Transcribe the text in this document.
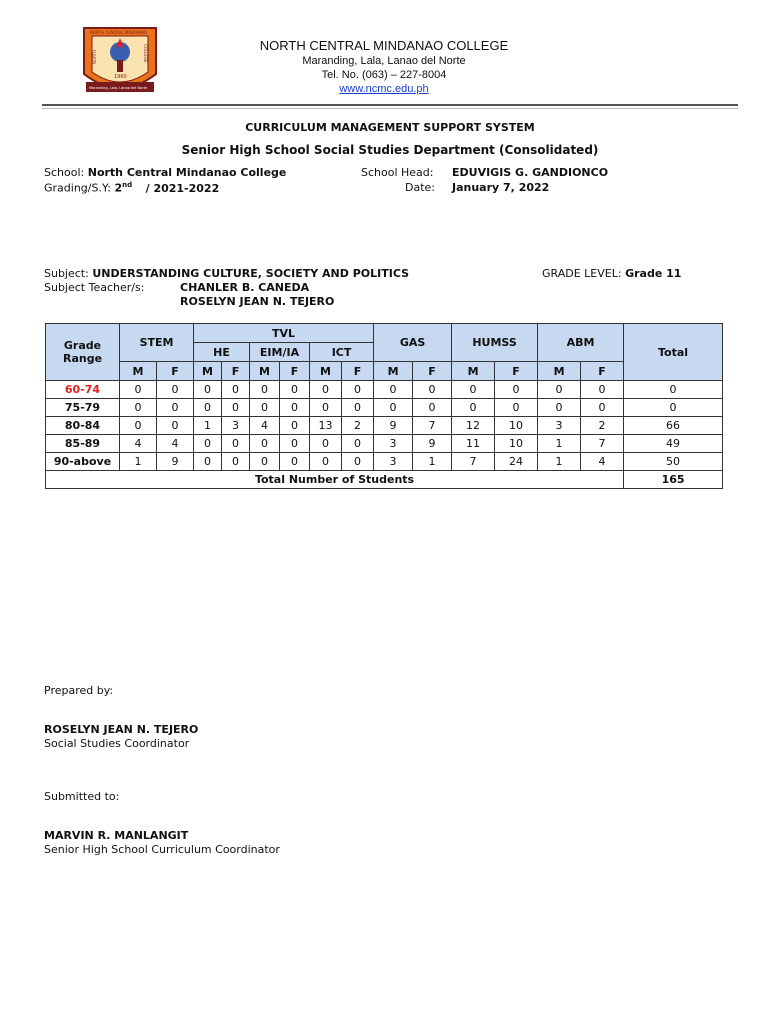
NORTH CENTRAL MINDANAO
NORTH	COLLEGE
1960
Maranding, Lala, Lanao del Norte
NORTH CENTRAL MINDANAO COLLEGE
Maranding, Lala, Lanao del Norte
Tel. No. (063) – 227-8004
www.ncmc.edu.ph
CURRICULUM MANAGEMENT SUPPORT SYSTEM
Senior High School Social Studies Department (Consolidated)
School: North Central Mindanao College
Grading/S.Y: 2nd / 2021-2022
School Head: EDUVIGIS G. GANDIONCO
Date: January 7, 2022
Subject: UNDERSTANDING CULTURE, SOCIETY AND POLITICS	GRADE LEVEL: Grade 11
Subject Teacher/s:	CHANLER B. CANEDA
ROSELYN JEAN N. TEJERO
Grade Range	STEM		TVL						GAS		HUMSS		ABM		Total
			HE		EIM/IA		ICT								
	M	F	M	F	M	F	M	F	M	F	M	F	M	F	
60-74	0	0	0	0	0	0	0	0	0	0	0	0	0	0	0
75-79	0	0	0	0	0	0	0	0	0	0	0	0	0	0	0
80-84	0	0	1	3	4	0	13	2	9	7	12	10	3	2	66
85-89	4	4	0	0	0	0	0	0	3	9	11	10	1	7	49
90-above	1	9	0	0	0	0	0	0	3	1	7	24	1	4	50
Total Number of Students															165
Prepared by:
ROSELYN JEAN N. TEJERO
Social Studies Coordinator
Submitted to:
MARVIN R. MANLANGIT
Senior High School Curriculum Coordinator
